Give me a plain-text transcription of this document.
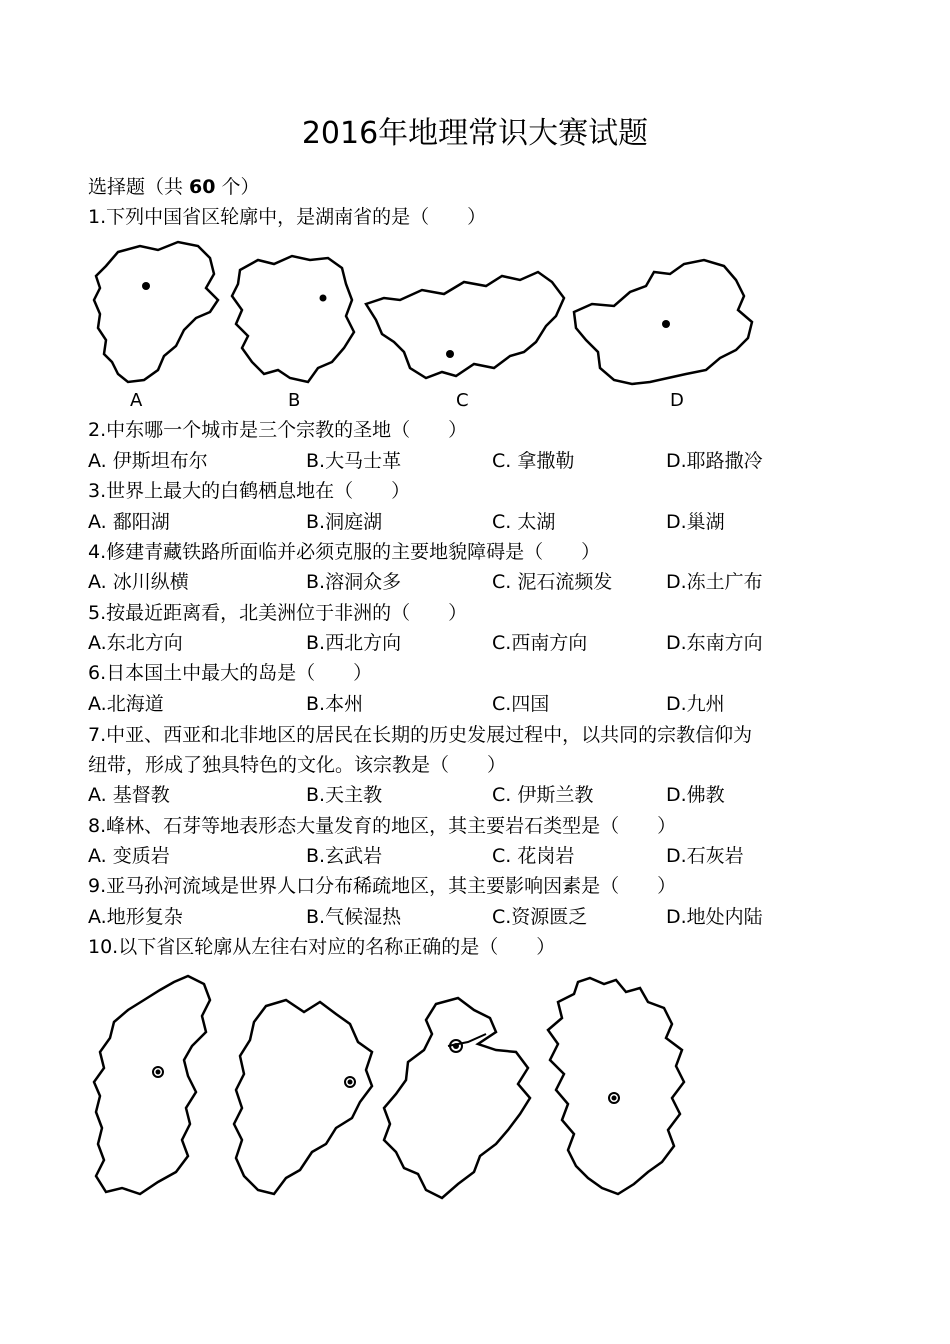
2016年地理常识大赛试题
选择题（共 60 个）
1.下列中国省区轮廓中，是湖南省的是（　　）
A	B	C	D
2.中东哪一个城市是三个宗教的圣地（　　）
A. 伊斯坦布尔	B.大马士革	C. 拿撒勒	D.耶路撒冷
3.世界上最大的白鹤栖息地在（　　）
A. 鄱阳湖	B.洞庭湖	C. 太湖	D.巢湖
4.修建青藏铁路所面临并必须克服的主要地貌障碍是（　　）
A. 冰川纵横	B.溶洞众多	C. 泥石流频发	D.冻土广布
5.按最近距离看，北美洲位于非洲的（　　）
A.东北方向	B.西北方向	C.西南方向	D.东南方向
6.日本国土中最大的岛是（　　）
A.北海道	B.本州	C.四国	D.九州
7.中亚、西亚和北非地区的居民在长期的历史发展过程中，以共同的宗教信仰为
纽带，形成了独具特色的文化。该宗教是（　　）
A. 基督教	B.天主教	C. 伊斯兰教	D.佛教
8.峰林、石芽等地表形态大量发育的地区，其主要岩石类型是（　　）
A. 变质岩	B.玄武岩	C. 花岗岩	D.石灰岩
9.亚马孙河流域是世界人口分布稀疏地区，其主要影响因素是（　　）
A.地形复杂	B.气候湿热	C.资源匮乏	D.地处内陆
10.以下省区轮廓从左往右对应的名称正确的是（　　）
